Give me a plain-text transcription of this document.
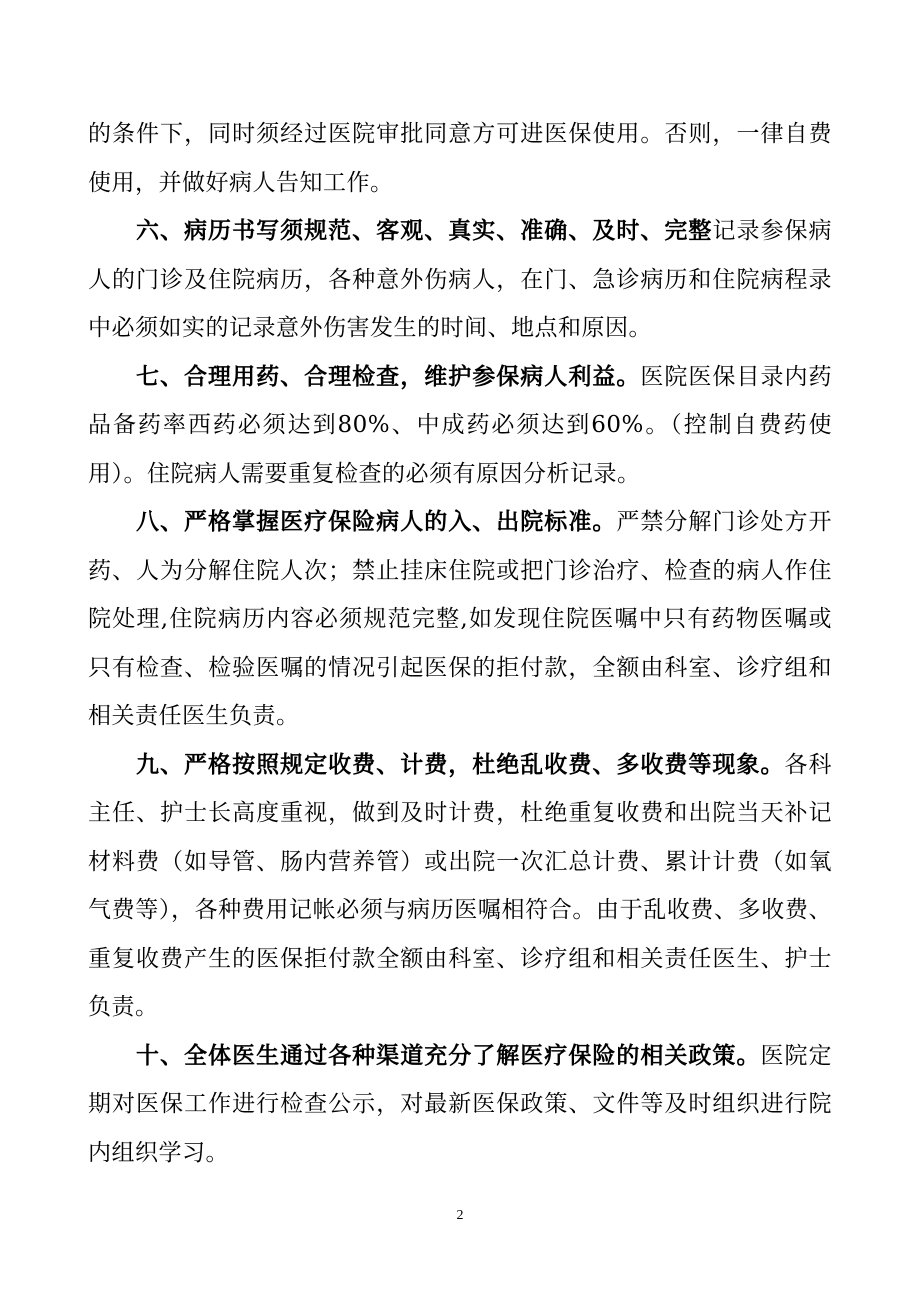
的条件下，同时须经过医院审批同意方可进医保使用。否则，一律自费使用，并做好病人告知工作。

六、病历书写须规范、客观、真实、准确、及时、完整记录参保病人的门诊及住院病历，各种意外伤病人，在门、急诊病历和住院病程录中必须如实的记录意外伤害发生的时间、地点和原因。

七、合理用药、合理检查，维护参保病人利益。医院医保目录内药品备药率西药必须达到80%、中成药必须达到60%。（控制自费药使用）。住院病人需要重复检查的必须有原因分析记录。

八、严格掌握医疗保险病人的入、出院标准。严禁分解门诊处方开药、人为分解住院人次；禁止挂床住院或把门诊治疗、检查的病人作住院处理,住院病历内容必须规范完整,如发现住院医嘱中只有药物医嘱或只有检查、检验医嘱的情况引起医保的拒付款，全额由科室、诊疗组和相关责任医生负责。

九、严格按照规定收费、计费，杜绝乱收费、多收费等现象。各科主任、护士长高度重视，做到及时计费，杜绝重复收费和出院当天补记材料费（如导管、肠内营养管）或出院一次汇总计费、累计计费（如氧气费等），各种费用记帐必须与病历医嘱相符合。由于乱收费、多收费、重复收费产生的医保拒付款全额由科室、诊疗组和相关责任医生、护士负责。

十、全体医生通过各种渠道充分了解医疗保险的相关政策。医院定期对医保工作进行检查公示，对最新医保政策、文件等及时组织进行院内组织学习。

2
